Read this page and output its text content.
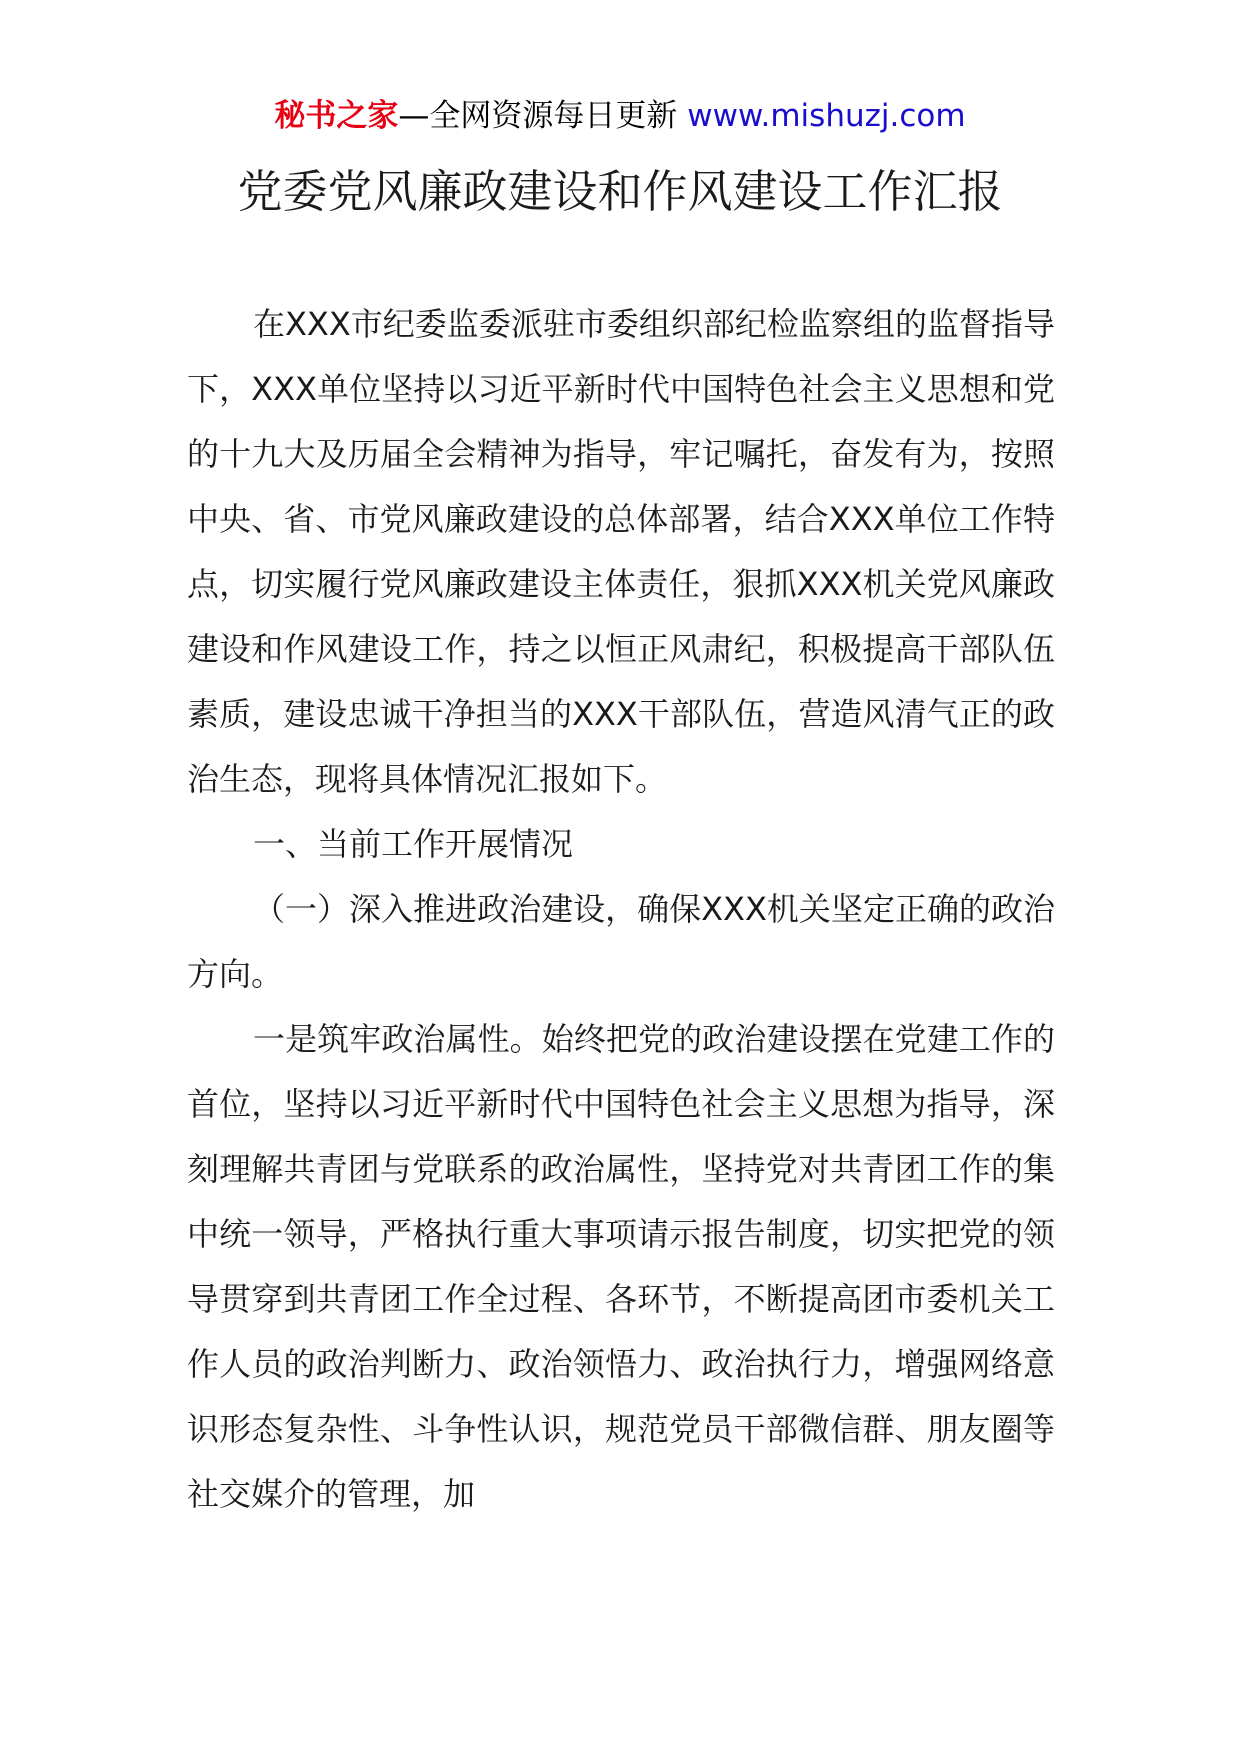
秘书之家—全网资源每日更新 www.mishuzj.com
党委党风廉政建设和作风建设工作汇报

在XXX市纪委监委派驻市委组织部纪检监察组的监督指导下，XXX单位坚持以习近平新时代中国特色社会主义思想和党的十九大及历届全会精神为指导，牢记嘱托，奋发有为，按照中央、省、市党风廉政建设的总体部署，结合XXX单位工作特点，切实履行党风廉政建设主体责任，狠抓XXX机关党风廉政建设和作风建设工作，持之以恒正风肃纪，积极提高干部队伍素质，建设忠诚干净担当的XXX干部队伍，营造风清气正的政治生态，现将具体情况汇报如下。

一、当前工作开展情况

（一）深入推进政治建设，确保XXX机关坚定正确的政治方向。

一是筑牢政治属性。始终把党的政治建设摆在党建工作的首位，坚持以习近平新时代中国特色社会主义思想为指导，深刻理解共青团与党联系的政治属性，坚持党对共青团工作的集中统一领导，严格执行重大事项请示报告制度，切实把党的领导贯穿到共青团工作全过程、各环节，不断提高团市委机关工作人员的政治判断力、政治领悟力、政治执行力，增强网络意识形态复杂性、斗争性认识，规范党员干部微信群、朋友圈等社交媒介的管理，加
